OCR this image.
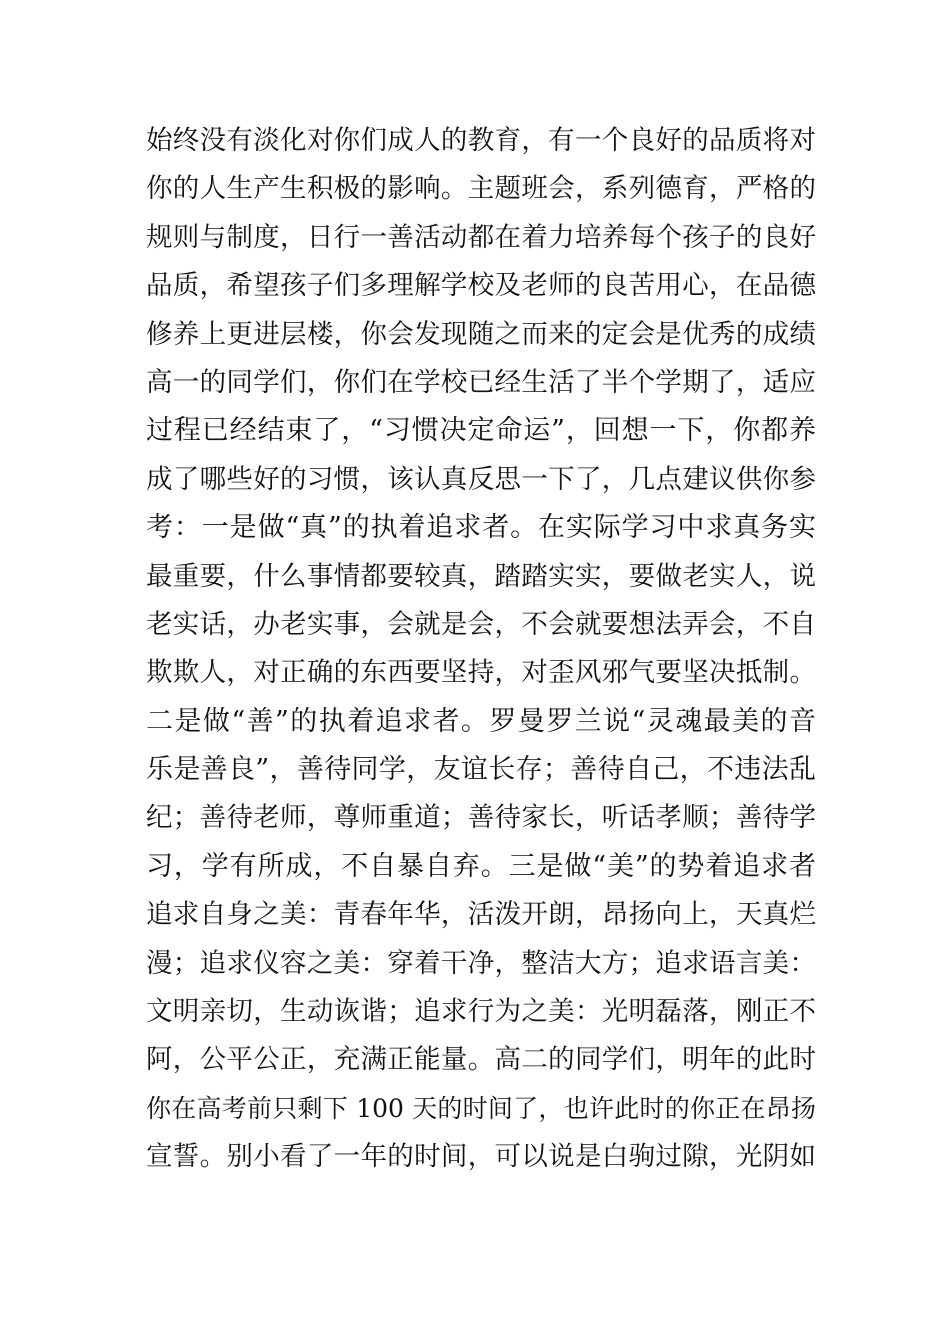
始终没有淡化对你们成人的教育，有一个良好的品质将对
你的人生产生积极的影响。主题班会，系列德育，严格的
规则与制度，日行一善活动都在着力培养每个孩子的良好
品质，希望孩子们多理解学校及老师的良苦用心，在品德
修养上更进层楼，你会发现随之而来的定会是优秀的成绩
高一的同学们，你们在学校已经生活了半个学期了，适应
过程已经结束了，“习惯决定命运”，回想一下，你都养
成了哪些好的习惯，该认真反思一下了，几点建议供你参
考：一是做“真”的执着追求者。在实际学习中求真务实
最重要，什么事情都要较真，踏踏实实，要做老实人，说
老实话，办老实事，会就是会，不会就要想法弄会，不自
欺欺人，对正确的东西要坚持，对歪风邪气要坚决抵制。
二是做“善”的执着追求者。罗曼罗兰说“灵魂最美的音
乐是善良”，善待同学，友谊长存；善待自己，不违法乱
纪；善待老师，尊师重道；善待家长，听话孝顺；善待学
习，学有所成，不自暴自弃。三是做“美”的势着追求者
追求自身之美：青春年华，活泼开朗，昂扬向上，天真烂
漫；追求仪容之美：穿着干净，整洁大方；追求语言美：
文明亲切，生动诙谐；追求行为之美：光明磊落，刚正不
阿，公平公正，充满正能量。高二的同学们，明年的此时
你在高考前只剩下 100 天的时间了，也许此时的你正在昂扬
宣誓。别小看了一年的时间，可以说是白驹过隙，光阴如
